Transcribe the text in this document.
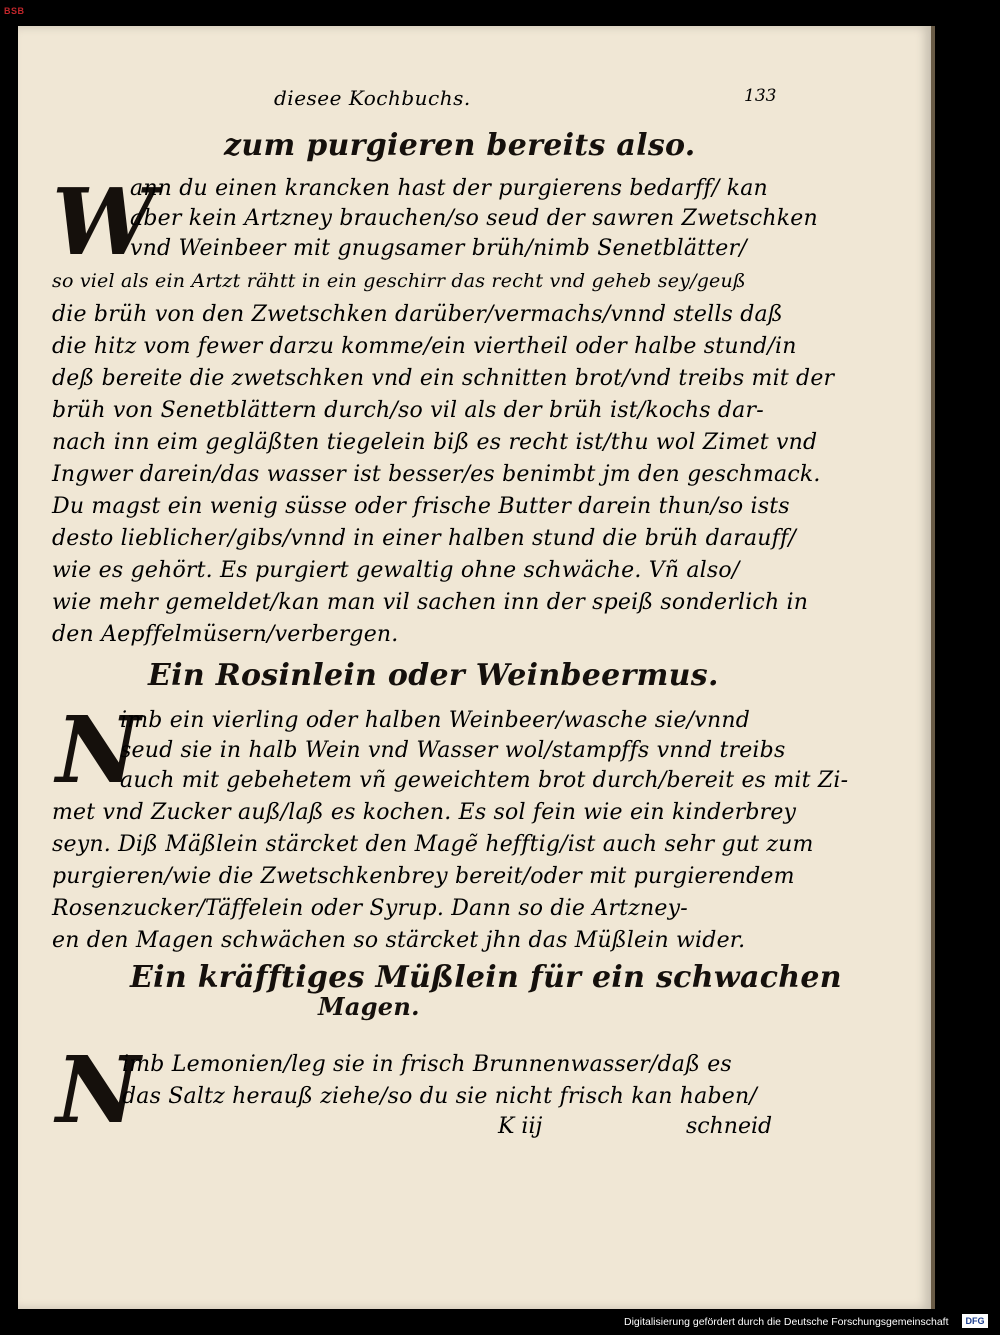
BSB
diesee Kochbuchs.	133
zum purgieren bereits also.
W
ann du einen krancken hast der purgierens bedarff/ kan
aber kein Artzney brauchen/so seud der sawren Zwetschken
vnd Weinbeer mit gnugsamer brüh/nimb Senetblätter/
so viel als ein Artzt rähtt in ein geschirr das recht vnd geheb sey/geuß
die brüh von den Zwetschken darüber/vermachs/vnnd stells daß
die hitz vom fewer darzu komme/ein viertheil oder halbe stund/in
deß bereite die zwetschken vnd ein schnitten brot/vnd treibs mit der
brüh von Senetblättern durch/so vil als der brüh ist/kochs dar-
nach inn eim gegläßten tiegelein biß es recht ist/thu wol Zimet vnd
Ingwer darein/das wasser ist besser/es benimbt jm den geschmack.
Du magst ein wenig süsse oder frische Butter darein thun/so ists
desto lieblicher/gibs/vnnd in einer halben stund die brüh darauff/
wie es gehört. Es purgiert gewaltig ohne schwäche. Vñ also/
wie mehr gemeldet/kan man vil sachen inn der speiß sonderlich in
den Aepffelmüsern/verbergen.
Ein Rosinlein oder Weinbeermus.
N
imb ein vierling oder halben Weinbeer/wasche sie/vnnd
seud sie in halb Wein vnd Wasser wol/stampffs vnnd treibs
auch mit gebehetem vñ geweichtem brot durch/bereit es mit Zi-
met vnd Zucker auß/laß es kochen. Es sol fein wie ein kinderbrey
seyn. Diß Mäßlein stärcket den Magẽ hefftig/ist auch sehr gut zum
purgieren/wie die Zwetschkenbrey bereit/oder mit purgierendem
Rosenzucker/Täffelein oder Syrup. Dann so die Artzney-
en den Magen schwächen so stärcket jhn das Müßlein wider.
Ein kräfftiges Müßlein für ein schwachen
Magen.
N
imb Lemonien/leg sie in frisch Brunnenwasser/daß es
das Saltz herauß ziehe/so du sie nicht frisch kan haben/
K iij	schneid
Digitalisierung gefördert durch die Deutsche Forschungsgemeinschaft	DFG
